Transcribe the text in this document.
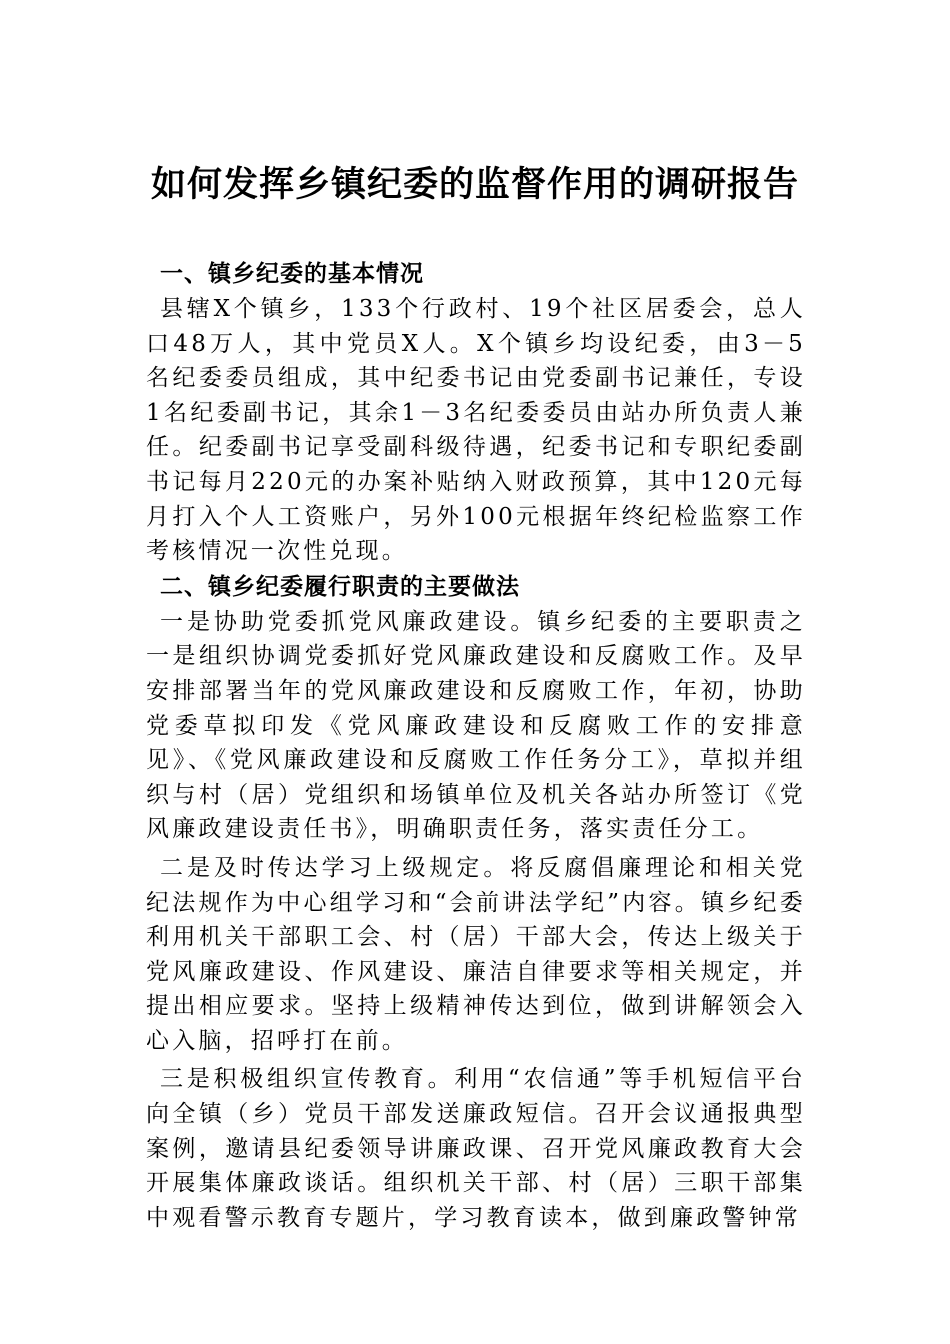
如何发挥乡镇纪委的监督作用的调研报告

一、镇乡纪委的基本情况

县辖X个镇乡，133个行政村、19个社区居委会，总人口48万人，其中党员X人。X个镇乡均设纪委，由3－5名纪委委员组成，其中纪委书记由党委副书记兼任，专设1名纪委副书记，其余1－3名纪委委员由站办所负责人兼任。纪委副书记享受副科级待遇，纪委书记和专职纪委副书记每月220元的办案补贴纳入财政预算，其中120元每月打入个人工资账户，另外100元根据年终纪检监察工作考核情况一次性兑现。

二、镇乡纪委履行职责的主要做法

一是协助党委抓党风廉政建设。镇乡纪委的主要职责之一是组织协调党委抓好党风廉政建设和反腐败工作。及早安排部署当年的党风廉政建设和反腐败工作，年初，协助党委草拟印发《党风廉政建设和反腐败工作的安排意见》、《党风廉政建设和反腐败工作任务分工》，草拟并组织与村（居）党组织和场镇单位及机关各站办所签订《党风廉政建设责任书》，明确职责任务，落实责任分工。

二是及时传达学习上级规定。将反腐倡廉理论和相关党纪法规作为中心组学习和“会前讲法学纪”内容。镇乡纪委利用机关干部职工会、村（居）干部大会，传达上级关于党风廉政建设、作风建设、廉洁自律要求等相关规定，并提出相应要求。坚持上级精神传达到位，做到讲解领会入心入脑，招呼打在前。

三是积极组织宣传教育。利用“农信通”等手机短信平台向全镇（乡）党员干部发送廉政短信。召开会议通报典型案例，邀请县纪委领导讲廉政课、召开党风廉政教育大会开展集体廉政谈话。组织机关干部、村（居）三职干部集中观看警示教育专题片，学习教育读本，做到廉政警钟常
